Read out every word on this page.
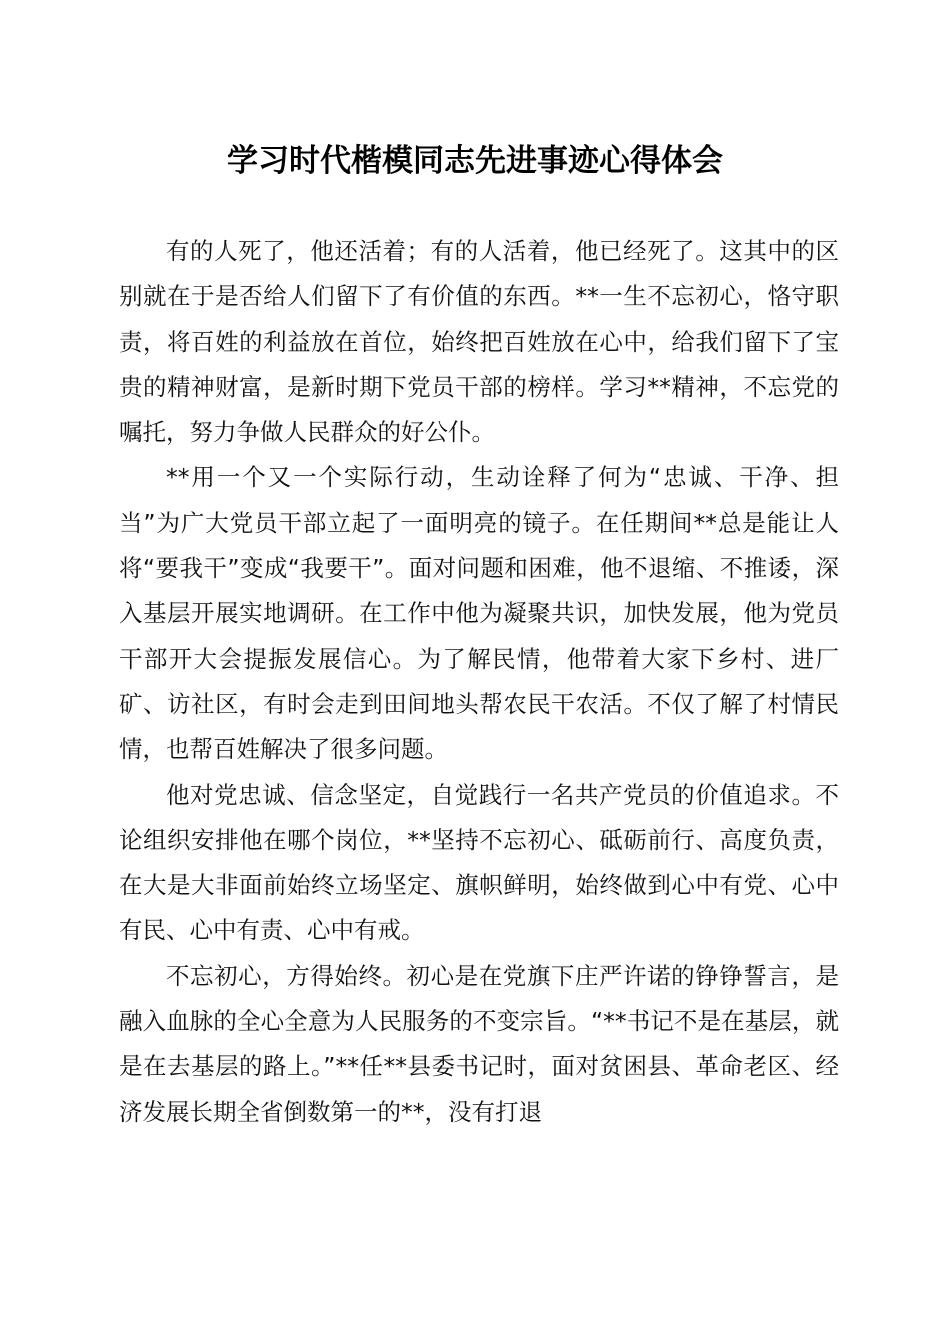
学习时代楷模同志先进事迹心得体会

有的人死了，他还活着；有的人活着，他已经死了。这其中的区别就在于是否给人们留下了有价值的东西。**一生不忘初心，恪守职责，将百姓的利益放在首位，始终把百姓放在心中，给我们留下了宝贵的精神财富，是新时期下党员干部的榜样。学习**精神，不忘党的嘱托，努力争做人民群众的好公仆。

**用一个又一个实际行动，生动诠释了何为“忠诚、干净、担当”为广大党员干部立起了一面明亮的镜子。在任期间**总是能让人将“要我干”变成“我要干”。面对问题和困难，他不退缩、不推诿，深入基层开展实地调研。在工作中他为凝聚共识，加快发展，他为党员干部开大会提振发展信心。为了解民情，他带着大家下乡村、进厂矿、访社区，有时会走到田间地头帮农民干农活。不仅了解了村情民情，也帮百姓解决了很多问题。

他对党忠诚、信念坚定，自觉践行一名共产党员的价值追求。不论组织安排他在哪个岗位，**坚持不忘初心、砥砺前行、高度负责，在大是大非面前始终立场坚定、旗帜鲜明，始终做到心中有党、心中有民、心中有责、心中有戒。

不忘初心，方得始终。初心是在党旗下庄严许诺的铮铮誓言，是融入血脉的全心全意为人民服务的不变宗旨。“**书记不是在基层，就是在去基层的路上。”**任**县委书记时，面对贫困县、革命老区、经济发展长期全省倒数第一的**，没有打退
